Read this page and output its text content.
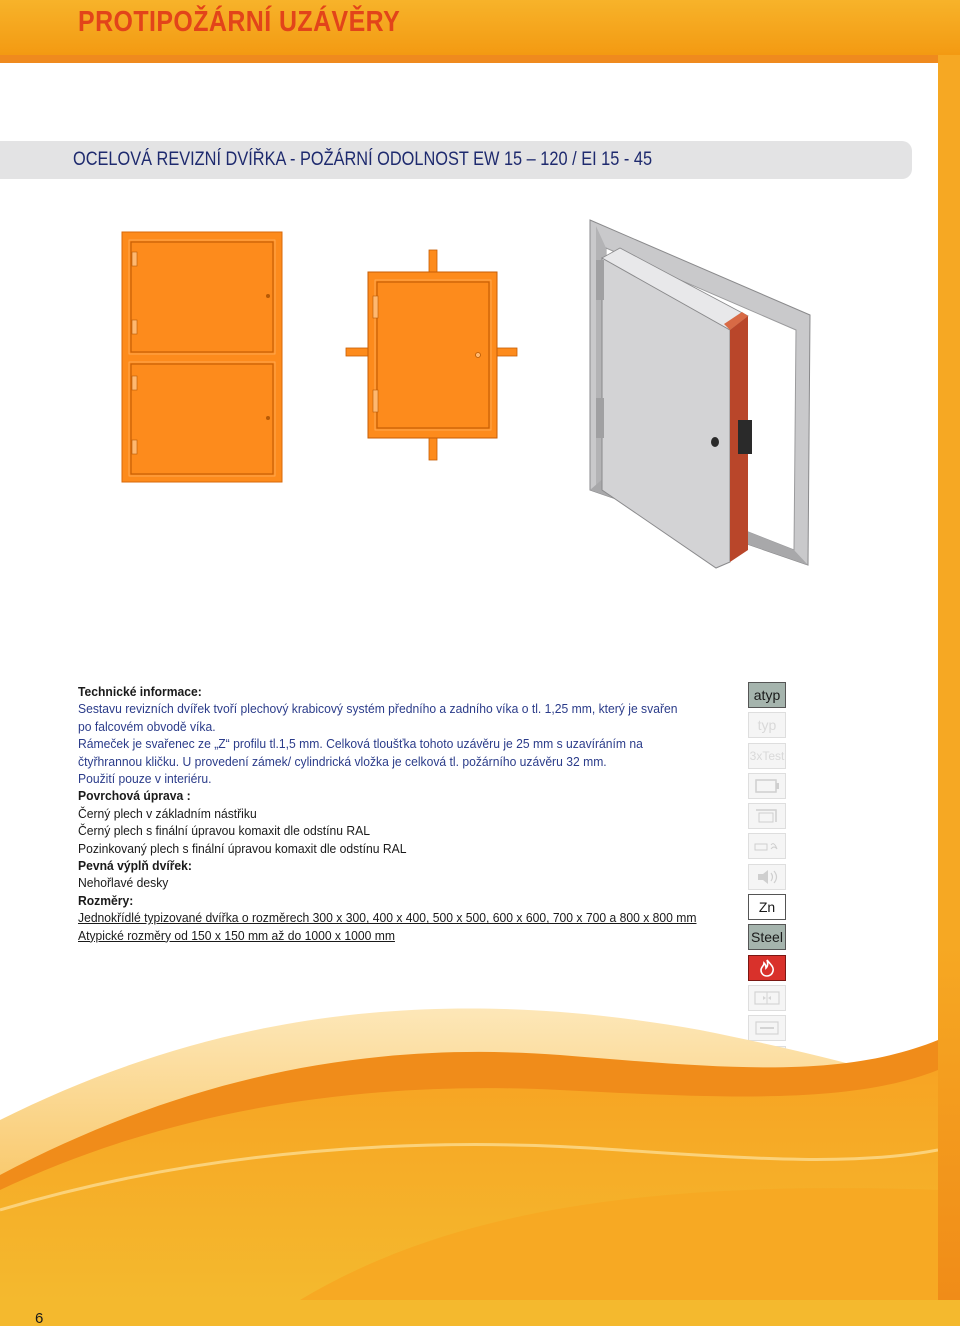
PROTIPOŽÁRNÍ UZÁVĚRY
OCELOVÁ REVIZNÍ DVÍŘKA - POŽÁRNÍ ODOLNOST EW 15 – 120 / EI 15 - 45
Technické informace:
Sestavu revizních dvířek tvoří plechový krabicový systém předního a zadního víka o tl. 1,25 mm, který je svařen
po falcovém obvodě víka.
Rámeček je svařenec ze „Z“ profilu tl.1,5 mm. Celková tloušťka tohoto uzávěru je 25 mm s uzavíráním na
čtyřhrannou kličku. U provedení zámek/ cylindrická vložka je celková tl. požárního uzávěru 32 mm.
Použití pouze v interiéru.
Povrchová úprava :
Černý plech v základním nástřiku
Černý plech s finální úpravou komaxit dle odstínu RAL
Pozinkovaný plech s finální úpravou komaxit dle odstínu RAL
Pevná výplň dvířek:
Nehořlavé desky
Rozměry:
Jednokřídlé typizované dvířka o rozměrech 300 x 300, 400 x 400, 500 x 500, 600 x 600, 700 x 700 a 800 x 800 mm
Atypické rozměry od 150 x 150 mm až do 1000 x 1000 mm
atyp
typ
3xTest
Zn
Steel
6
